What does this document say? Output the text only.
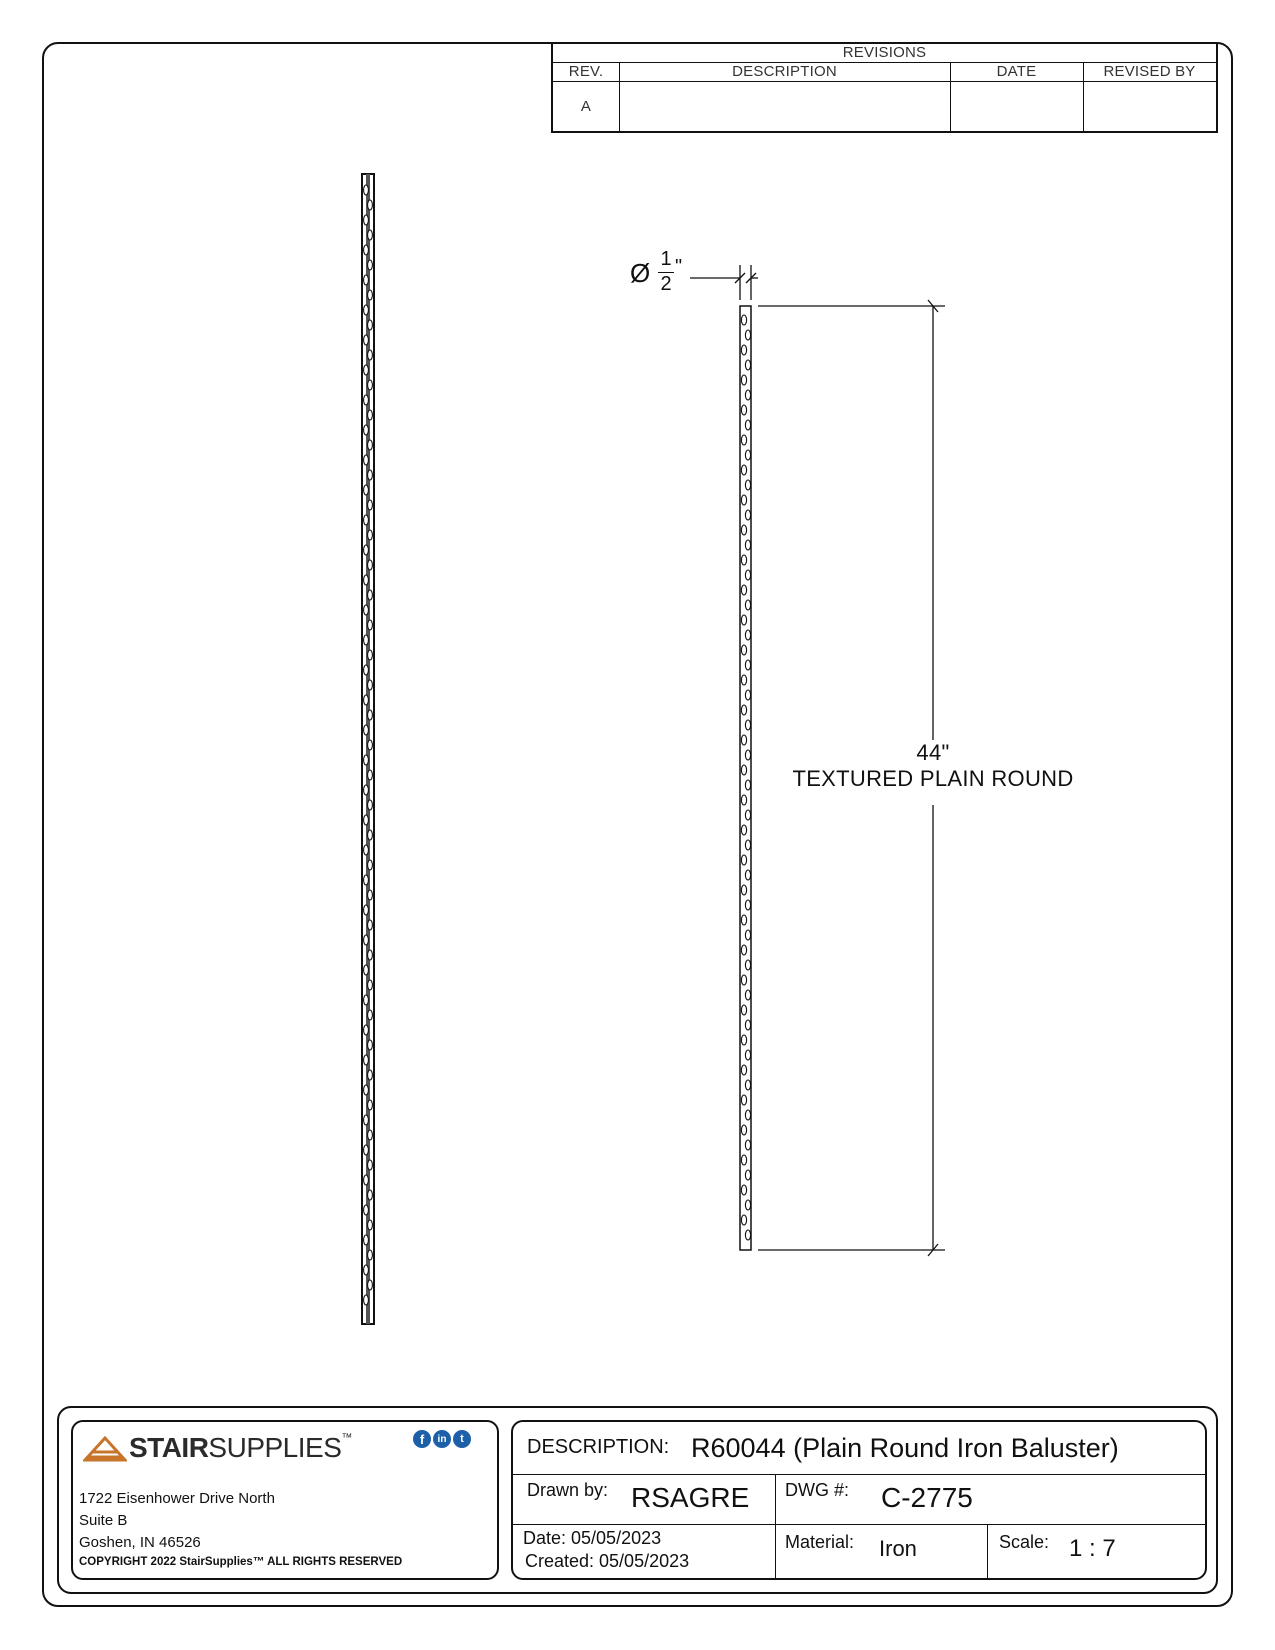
REVISIONS
REV.	DESCRIPTION	DATE	REVISED BY
A
Ø 1
2
"
44"
TEXTURED PLAIN ROUND
STAIRSUPPLIES™	f	in	t
1722 Eisenhower Drive North
Suite B
Goshen, IN 46526
COPYRIGHT 2022 StairSupplies™ ALL RIGHTS RESERVED
DESCRIPTION: R60044 (Plain Round Iron Baluster)
Drawn by: RSAGRE DWG #: C-2775
Date: 05/05/2023
Created: 05/05/2023
Material: Iron	Scale: 1 : 7
